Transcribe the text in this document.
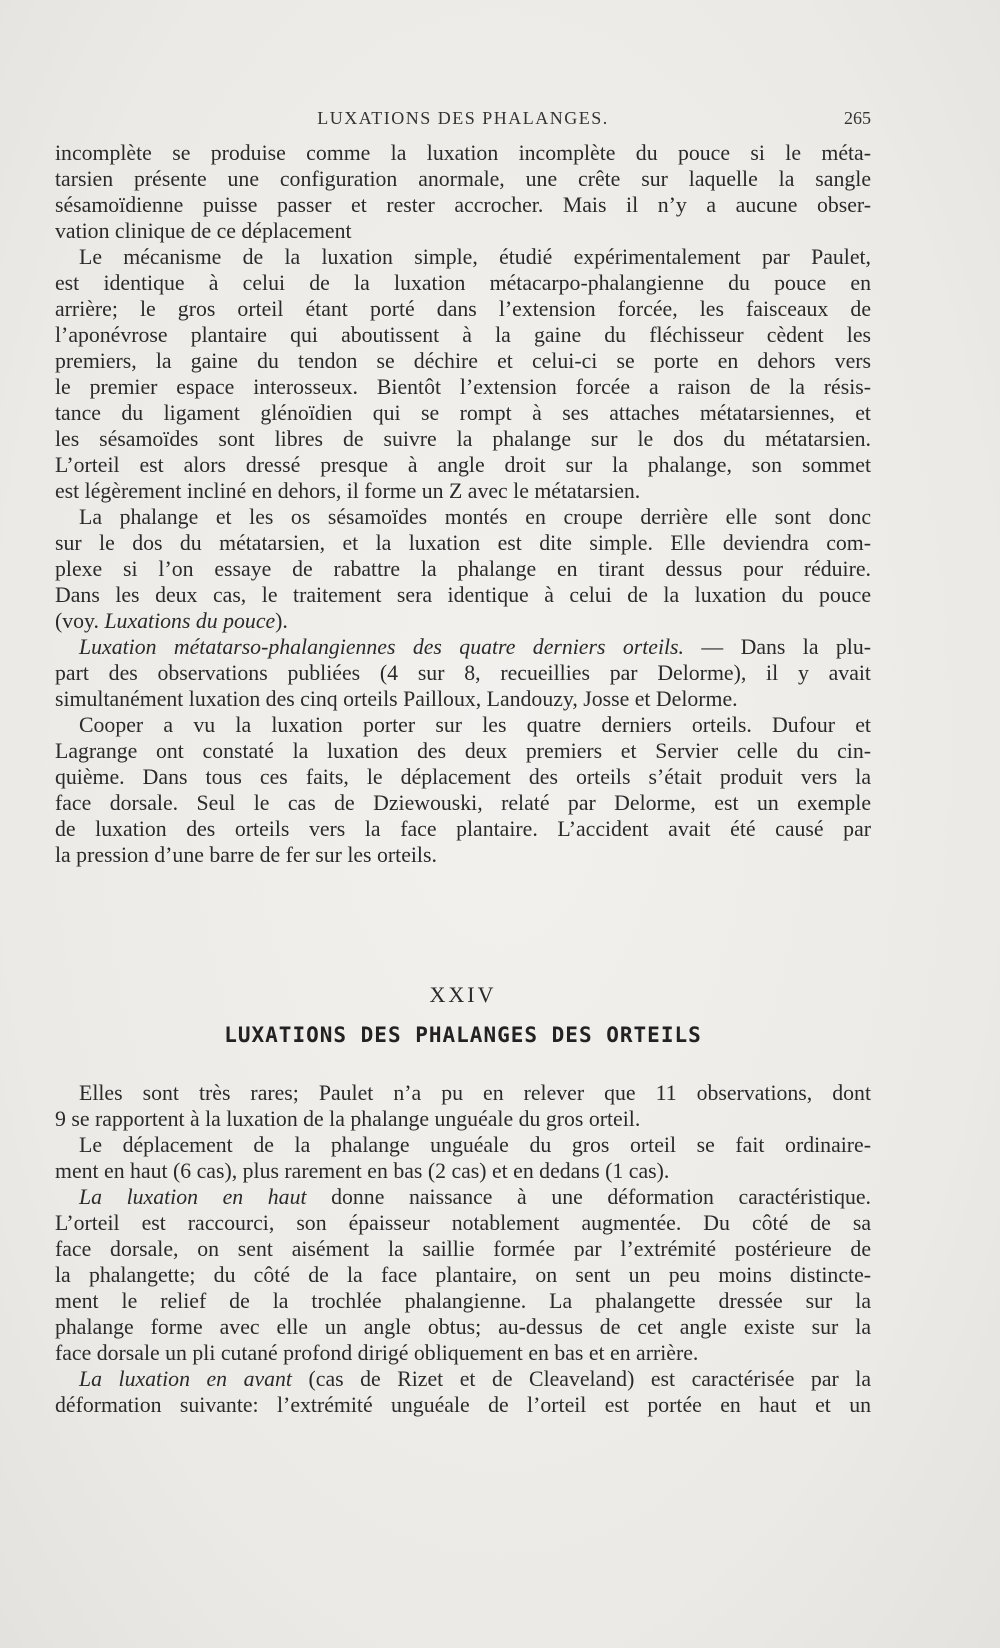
LUXATIONS DES PHALANGES.	265
incomplète se produise comme la luxation incomplète du pouce si le méta-
tarsien présente une configuration anormale, une crête sur laquelle la sangle
sésamoïdienne puisse passer et rester accrocher. Mais il n’y a aucune obser-
vation clinique de ce déplacement
Le mécanisme de la luxation simple, étudié expérimentalement par Paulet,
est identique à celui de la luxation métacarpo-phalangienne du pouce en
arrière; le gros orteil étant porté dans l’extension forcée, les faisceaux de
l’aponévrose plantaire qui aboutissent à la gaine du fléchisseur cèdent les
premiers, la gaine du tendon se déchire et celui-ci se porte en dehors vers
le premier espace interosseux. Bientôt l’extension forcée a raison de la résis-
tance du ligament glénoïdien qui se rompt à ses attaches métatarsiennes, et
les sésamoïdes sont libres de suivre la phalange sur le dos du métatarsien.
L’orteil est alors dressé presque à angle droit sur la phalange, son sommet
est légèrement incliné en dehors, il forme un Z avec le métatarsien.
La phalange et les os sésamoïdes montés en croupe derrière elle sont donc
sur le dos du métatarsien, et la luxation est dite simple. Elle deviendra com-
plexe si l’on essaye de rabattre la phalange en tirant dessus pour réduire.
Dans les deux cas, le traitement sera identique à celui de la luxation du pouce
(voy. Luxations du pouce).
Luxation métatarso-phalangiennes des quatre derniers orteils. — Dans la plu-
part des observations publiées (4 sur 8, recueillies par Delorme), il y avait
simultanément luxation des cinq orteils Pailloux, Landouzy, Josse et Delorme.
Cooper a vu la luxation porter sur les quatre derniers orteils. Dufour et
Lagrange ont constaté la luxation des deux premiers et Servier celle du cin-
quième. Dans tous ces faits, le déplacement des orteils s’était produit vers la
face dorsale. Seul le cas de Dziewouski, relaté par Delorme, est un exemple
de luxation des orteils vers la face plantaire. L’accident avait été causé par
la pression d’une barre de fer sur les orteils.
XXIV
LUXATIONS DES PHALANGES DES ORTEILS
Elles sont très rares; Paulet n’a pu en relever que 11 observations, dont
9 se rapportent à la luxation de la phalange unguéale du gros orteil.
Le déplacement de la phalange unguéale du gros orteil se fait ordinaire-
ment en haut (6 cas), plus rarement en bas (2 cas) et en dedans (1 cas).
La luxation en haut donne naissance à une déformation caractéristique.
L’orteil est raccourci, son épaisseur notablement augmentée. Du côté de sa
face dorsale, on sent aisément la saillie formée par l’extrémité postérieure de
la phalangette; du côté de la face plantaire, on sent un peu moins distincte-
ment le relief de la trochlée phalangienne. La phalangette dressée sur la
phalange forme avec elle un angle obtus; au-dessus de cet angle existe sur la
face dorsale un pli cutané profond dirigé obliquement en bas et en arrière.
La luxation en avant (cas de Rizet et de Cleaveland) est caractérisée par la
déformation suivante: l’extrémité unguéale de l’orteil est portée en haut et un
